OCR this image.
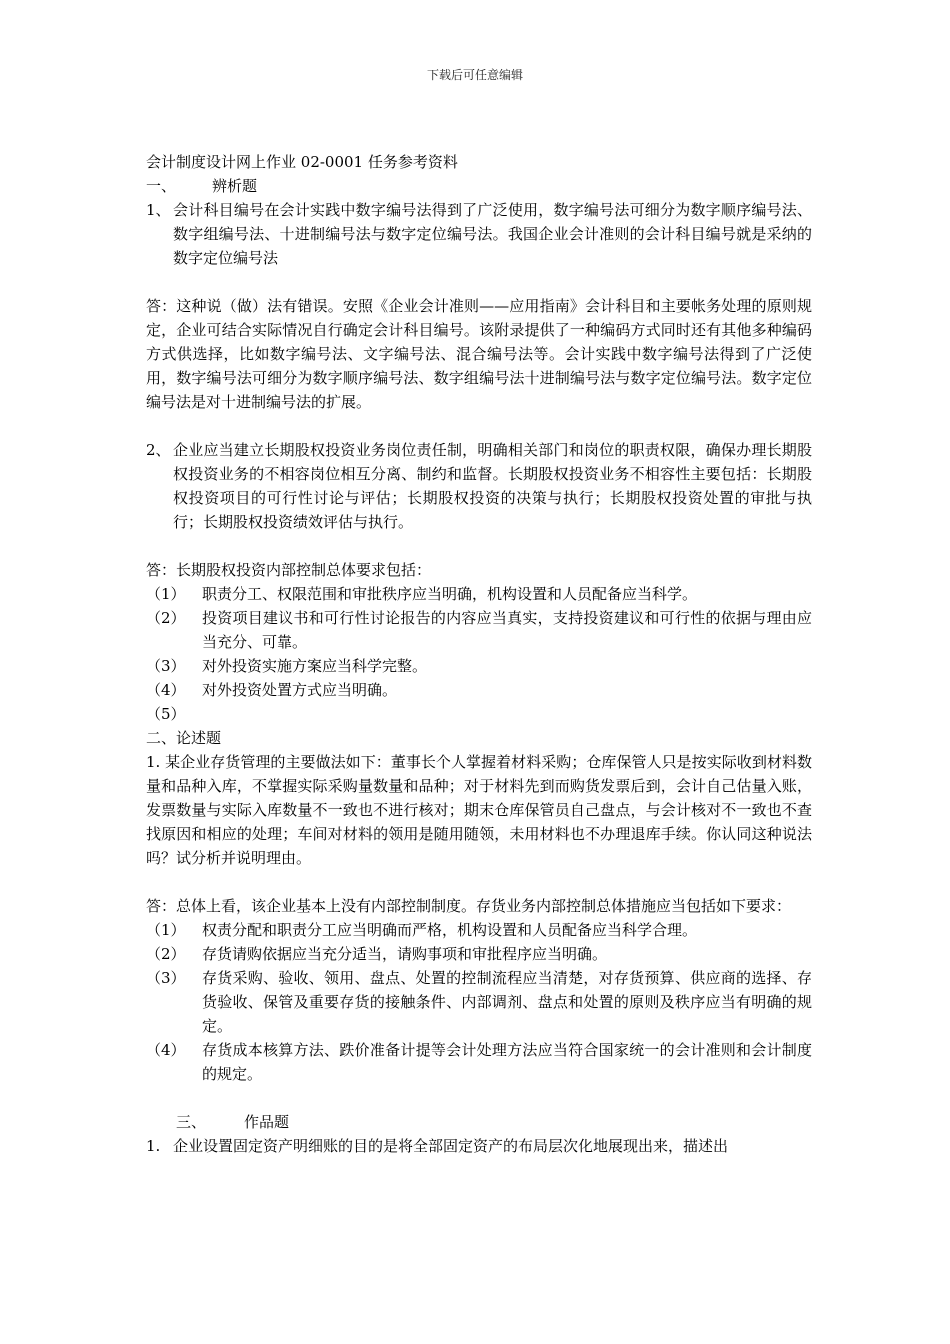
下载后可任意编辑

会计制度设计网上作业 02-0001 任务参考资料

一、	辨析题
1、 会计科目编号在会计实践中数字编号法得到了广泛使用，数字编号法可细分为数字顺序编号法、数字组编号法、十进制编号法与数字定位编号法。我国企业会计准则的会计科目编号就是采纳的数字定位编号法

答：这种说（做）法有错误。安照《企业会计准则——应用指南》会计科目和主要帐务处理的原则规定，企业可结合实际情况自行确定会计科目编号。该附录提供了一种编码方式同时还有其他多种编码方式供选择，比如数字编号法、文字编号法、混合编号法等。会计实践中数字编号法得到了广泛使用，数字编号法可细分为数字顺序编号法、数字组编号法十进制编号法与数字定位编号法。数字定位编号法是对十进制编号法的扩展。

2、 企业应当建立长期股权投资业务岗位责任制，明确相关部门和岗位的职责权限，确保办理长期股权投资业务的不相容岗位相互分离、制约和监督。长期股权投资业务不相容性主要包括：长期股权投资项目的可行性讨论与评估；长期股权投资的决策与执行；长期股权投资处置的审批与执行；长期股权投资绩效评估与执行。

答：长期股权投资内部控制总体要求包括：

（1）	职责分工、权限范围和审批秩序应当明确，机构设置和人员配备应当科学。
（2）	投资项目建议书和可行性讨论报告的内容应当真实，支持投资建议和可行性的依据与理由应当充分、可靠。
（3）	对外投资实施方案应当科学完整。
（4）	对外投资处置方式应当明确。
（5）

二、论述题

1. 某企业存货管理的主要做法如下：董事长个人掌握着材料采购；仓库保管人只是按实际收到材料数量和品种入库，不掌握实际采购量数量和品种；对于材料先到而购货发票后到，会计自己估量入账，发票数量与实际入库数量不一致也不进行核对；期末仓库保管员自己盘点，与会计核对不一致也不查找原因和相应的处理；车间对材料的领用是随用随领，未用材料也不办理退库手续。你认同这种说法吗？试分析并说明理由。

答：总体上看，该企业基本上没有内部控制制度。存货业务内部控制总体措施应当包括如下要求：

（1）	权责分配和职责分工应当明确而严格，机构设置和人员配备应当科学合理。
（2）	存货请购依据应当充分适当，请购事项和审批程序应当明确。
（3）	存货采购、验收、领用、盘点、处置的控制流程应当清楚，对存货预算、供应商的选择、存货验收、保管及重要存货的接触条件、内部调剂、盘点和处置的原则及秩序应当有明确的规定。
（4）	存货成本核算方法、跌价准备计提等会计处理方法应当符合国家统一的会计准则和会计制度的规定。
三、	作品题
1. 企业设置固定资产明细账的目的是将全部固定资产的布局层次化地展现出来，描述出
